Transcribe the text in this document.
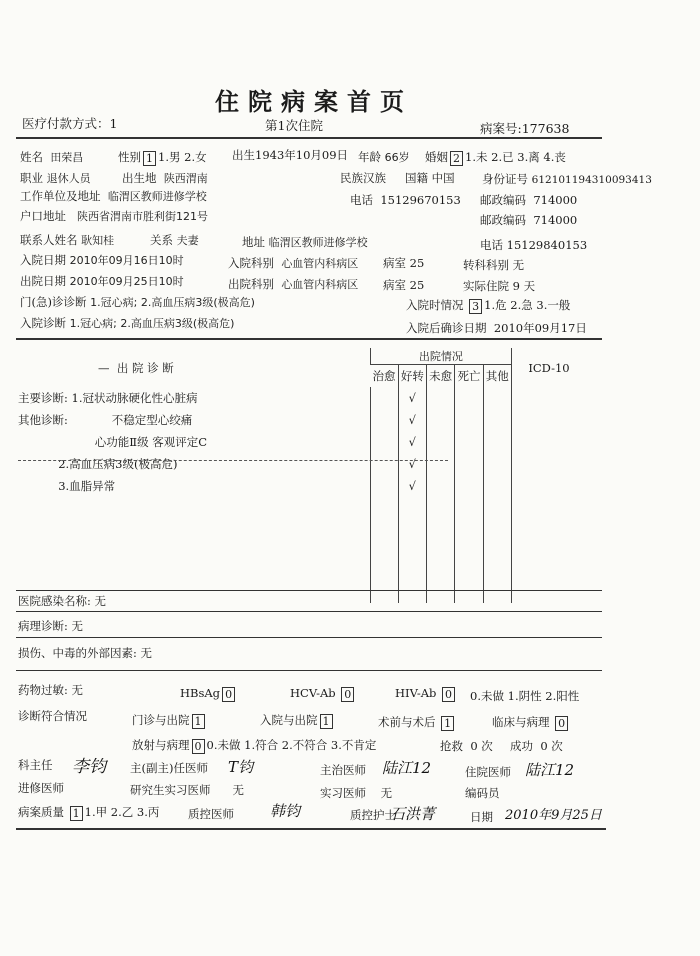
住院病案首页
医疗付款方式：1	第1次住院	病案号:177638
姓名 田荣昌	性别 1 1.男 2.女 出生1943年10月09日 年龄 66岁 婚姻 2 1.未 2.已 3.离 4.丧
职业 退休人员	出生地 陕西渭南	民族汉族 国籍 中国 身份证号 612101194310093413
工作单位及地址 临渭区教师进修学校	电话 15129670153 邮政编码 714000
户口地址 陕西省渭南市胜利街121号	邮政编码 714000
联系人姓名 耿知桂	关系 夫妻	地址 临渭区教师进修学校	电话 15129840153
入院日期 2010年09月16日10时	入院科别 心血管内科病区 病室 25	转科科别 无
出院日期 2010年09月25日10时	出院科别 心血管内科病区 病室 25	实际住院 9 天
门(急)诊诊断 1.冠心病; 2.高血压病3级(极高危)	入院时情况 3 1.危 2.急 3.一般
入院诊断 1.冠心病; 2.高血压病3级(极高危)	入院后确诊日期 2010年09月17日
—  出 院 诊 断	出院情况					ICD-10
	治愈	好转	未愈	死亡	其他	
主要诊断: 1.冠状动脉硬化性心脏病		√				
其他诊断:            不稳定型心绞痛		√				
心功能Ⅱ级 客观评定C		√				
2.高血压病3级(极高危)		√				
3.血脂异常		√				

医院感染名称: 无
病理诊断: 无
损伤、中毒的外部因素: 无
药物过敏: 无	HBsAg 0	HCV-Ab 0	HIV-Ab 0	0.未做 1.阴性 2.阳性
诊断符合情况	门诊与出院 1	入院与出院 1	术前与术后 1	临床与病理 0
放射与病理 0 0.未做 1.符合 2.不符合 3.不肯定	抢救 0 次 成功 0 次
科主任 李钧 主(副主)任医师 T钧	主治医师 陆江12	住院医师 陆江12
进修医师	研究生实习医师 无	实习医师 无	编码员
病案质量 1 1.甲 2.乙 3.丙 质控医师 韩钧	质控护士
石洪菁	日期 2010年9月25日
